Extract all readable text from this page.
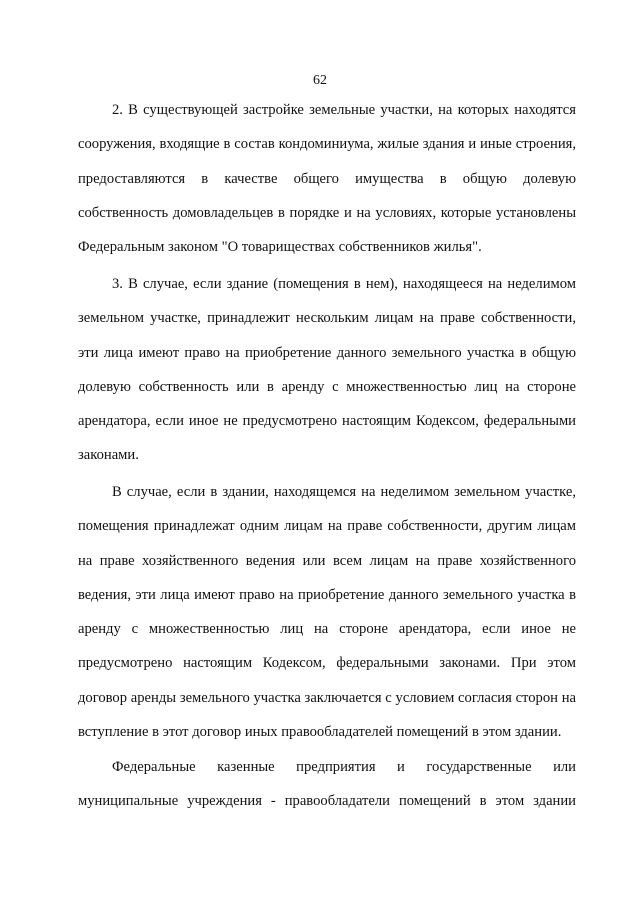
62

2. В существующей застройке земельные участки, на которых находятся сооружения, входящие в состав кондоминиума, жилые здания и иные строения, предоставляются в качестве общего имущества в общую долевую собственность домовладельцев в порядке и на условиях, которые установлены Федеральным законом "О товариществах собственников жилья".

3. В случае, если здание (помещения в нем), находящееся на неделимом земельном участке, принадлежит нескольким лицам на праве собственности, эти лица имеют право на приобретение данного земельного участка в общую долевую собственность или в аренду с множественностью лиц на стороне арендатора, если иное не предусмотрено настоящим Кодексом, федеральными законами.

В случае, если в здании, находящемся на неделимом земельном участке, помещения принадлежат одним лицам на праве собственности, другим лицам на праве хозяйственного ведения или всем лицам на праве хозяйственного ведения, эти лица имеют право на приобретение данного земельного участка в аренду с множественностью лиц на стороне арендатора, если иное не предусмотрено настоящим Кодексом, федеральными законами. При этом договор аренды земельного участка заключается с условием согласия сторон на вступление в этот договор иных правообладателей помещений в этом здании.

Федеральные казенные предприятия и государственные или муниципальные учреждения - правообладатели помещений в этом здании
